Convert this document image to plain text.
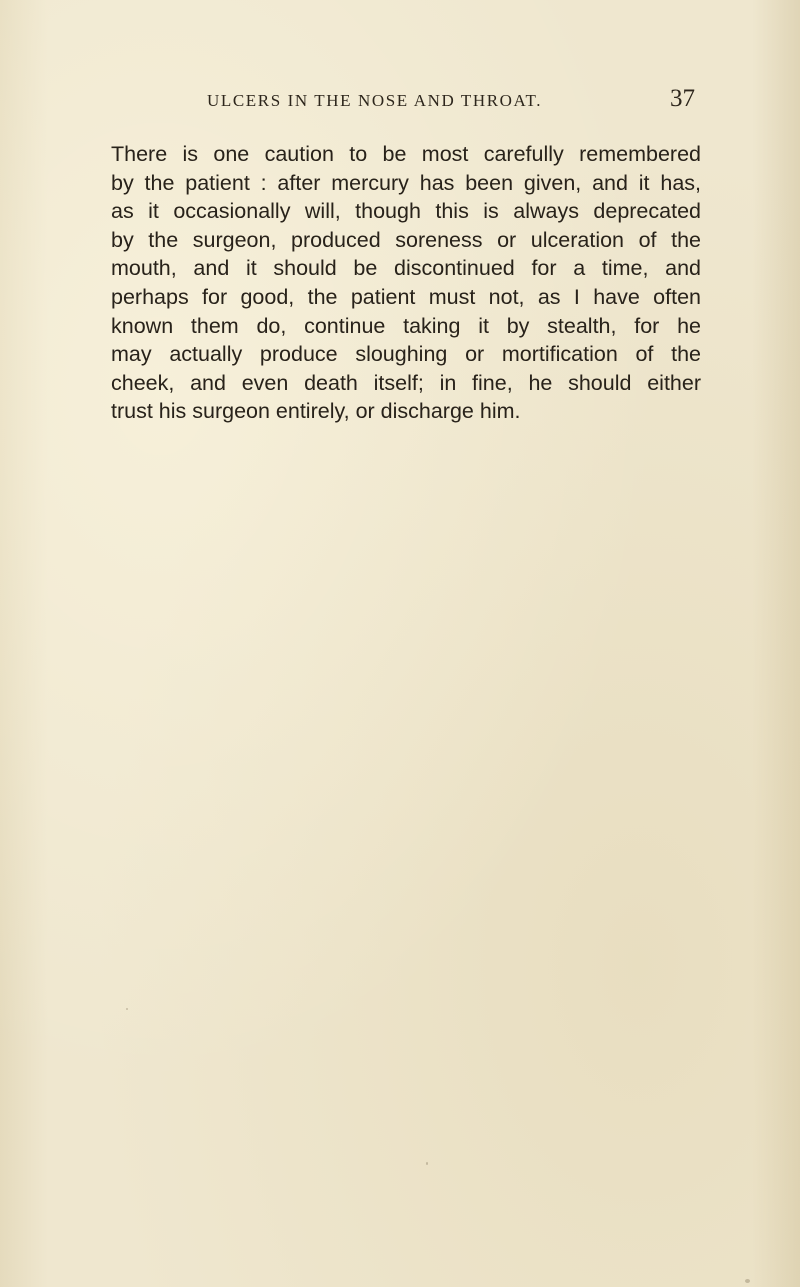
ULCERS IN THE NOSE AND THROAT.	37
There is one caution to be most carefully remembered
by the patient : after mercury has been given, and it has,
as it occasionally will, though this is always deprecated
by the surgeon, produced soreness or ulceration of the
mouth, and it should be discontinued for a time, and
perhaps for good, the patient must not, as I have often
known them do, continue taking it by stealth, for he
may actually produce sloughing or mortification of the
cheek, and even death itself; in fine, he should either
trust his surgeon entirely, or discharge him.
